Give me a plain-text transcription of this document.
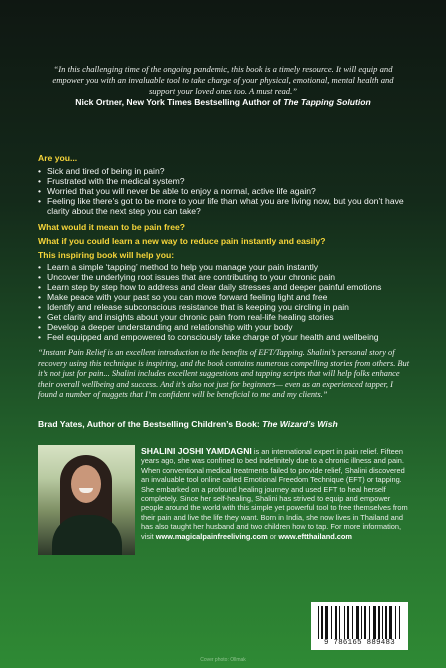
“In this challenging time of the ongoing pandemic, this book is a timely resource. It will equip and empower you with an invaluable tool to take charge of your physical, emotional, mental health and support your loved ones too. A must read.”
Nick Ortner, New York Times Bestselling Author of The Tapping Solution
Are you...
• Sick and tired of being in pain?
• Frustrated with the medical system?
• Worried that you will never be able to enjoy a normal, active life again?
• Feeling like there’s got to be more to your life than what you are living now, but you don’t have clarity about the next step you can take?
What would it mean to be pain free?
What if you could learn a new way to reduce pain instantly and easily?
This inspiring book will help you:
• Learn a simple ‘tapping’ method to help you manage your pain instantly
• Uncover the underlying root issues that are contributing to your chronic pain
• Learn step by step how to address and clear daily stresses and deeper painful emotions
• Make peace with your past so you can move forward feeling light and free
• Identify and release subconscious resistance that is keeping you circling in pain
• Get clarity and insights about your chronic pain from real-life healing stories
• Develop a deeper understanding and relationship with your body
• Feel equipped and empowered to consciously take charge of your health and wellbeing
“Instant Pain Relief is an excellent introduction to the benefits of EFT/Tapping. Shalini’s personal story of recovery using this technique is inspiring, and the book contains numerous compelling stories from others. But it’s not just for pain... Shalini includes excellent suggestions and tapping scripts that will help folks enhance their overall wellbeing and success. And it’s also not just for beginners— even as an experienced tapper, I found a number of nuggets that I’m confident will be beneficial to me and my clients.”
Brad Yates, Author of the Bestselling Children’s Book: The Wizard’s Wish
SHALINI JOSHI YAMDAGNI is an international expert in pain relief. Fifteen years ago, she was confined to bed indefinitely due to a chronic illness and pain. When conventional medical treatments failed to provide relief, Shalini discovered an invaluable tool online called Emotional Freedom Technique (EFT) or tapping. She embarked on a profound healing journey and used EFT to heal herself completely. Since her self-healing, Shalini has strived to equip and empower people around the world with this simple yet powerful tool to free themselves from their pain and live the life they want. Born in India, she now lives in Thailand and has also taught her husband and two children how to tap. For more information, visit www.magicalpainfreeliving.com or www.eftthailand.com
9 786165 889483
Cover photo: Ollmak
